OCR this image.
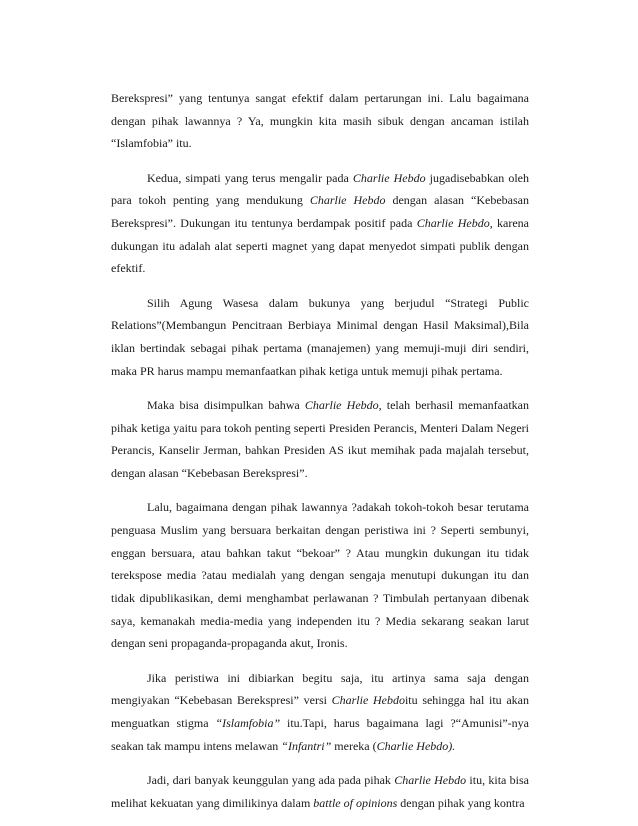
Berekspresi” yang tentunya sangat efektif dalam pertarungan ini. Lalu bagaimana dengan pihak lawannya ? Ya, mungkin kita masih sibuk dengan ancaman istilah “Islamfobia” itu.

Kedua, simpati yang terus mengalir pada Charlie Hebdo jugadisebabkan oleh para tokoh penting yang mendukung Charlie Hebdo dengan alasan “Kebebasan Berekspresi”. Dukungan itu tentunya berdampak positif pada Charlie Hebdo, karena dukungan itu adalah alat seperti magnet yang dapat menyedot simpati publik dengan efektif.

Silih Agung Wasesa dalam bukunya yang berjudul “Strategi Public Relations”(Membangun Pencitraan Berbiaya Minimal dengan Hasil Maksimal),Bila iklan bertindak sebagai pihak pertama (manajemen) yang memuji-muji diri sendiri, maka PR harus mampu memanfaatkan pihak ketiga untuk memuji pihak pertama.

Maka bisa disimpulkan bahwa Charlie Hebdo, telah berhasil memanfaatkan pihak ketiga yaitu para tokoh penting seperti Presiden Perancis, Menteri Dalam Negeri Perancis, Kanselir Jerman, bahkan Presiden AS ikut memihak pada majalah tersebut, dengan alasan “Kebebasan Berekspresi”.

Lalu, bagaimana dengan pihak lawannya ?adakah tokoh-tokoh besar terutama penguasa Muslim yang bersuara berkaitan dengan peristiwa ini ? Seperti sembunyi, enggan bersuara, atau bahkan takut “bekoar” ? Atau mungkin dukungan itu tidak terekspose media ?atau medialah yang dengan sengaja menutupi dukungan itu dan tidak dipublikasikan, demi menghambat perlawanan ? Timbulah pertanyaan dibenak saya, kemanakah media-media yang independen itu ? Media sekarang seakan larut dengan seni propaganda-propaganda akut, Ironis.

Jika peristiwa ini dibiarkan begitu saja, itu artinya sama saja dengan mengiyakan “Kebebasan Berekspresi” versi Charlie Hebdoitu sehingga hal itu akan menguatkan stigma “Islamfobia” itu.Tapi, harus bagaimana lagi ?“Amunisi”-nya seakan tak mampu intens melawan “Infantri” mereka (Charlie Hebdo).

Jadi, dari banyak keunggulan yang ada pada pihak Charlie Hebdo itu, kita bisa melihat kekuatan yang dimilikinya dalam battle of opinions dengan pihak yang kontra
